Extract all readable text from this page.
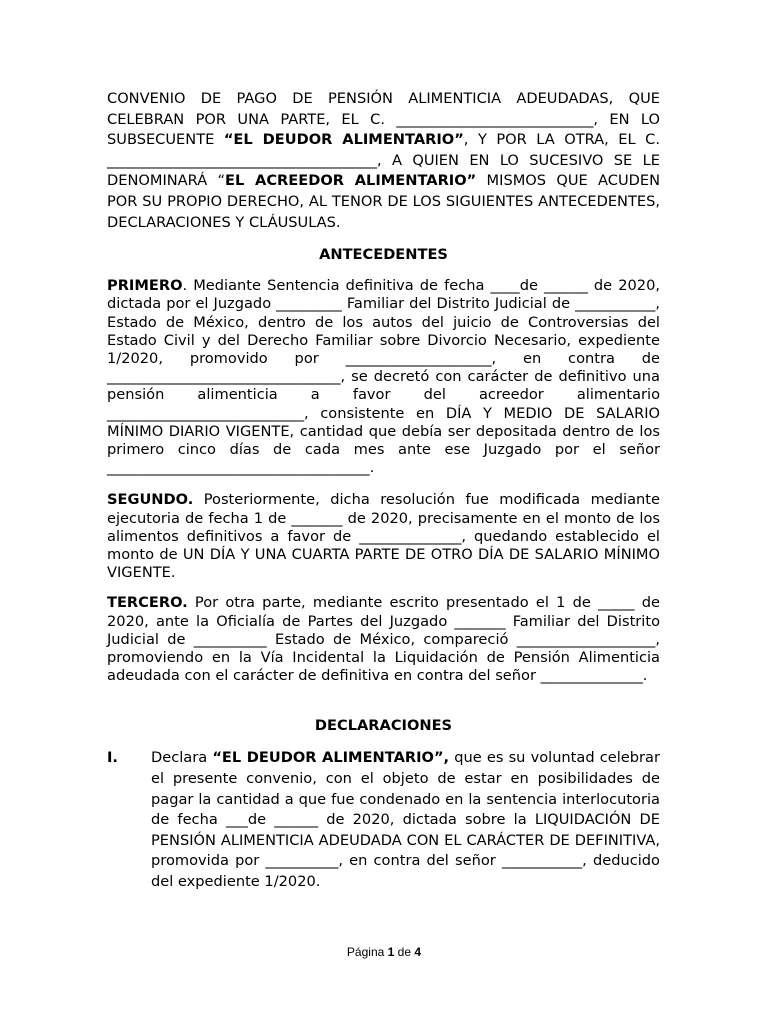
CONVENIO DE PAGO DE PENSIÓN ALIMENTICIA ADEUDADAS, QUE CELEBRAN POR UNA PARTE, EL C. ___________________________, EN LO SUBSECUENTE “EL DEUDOR ALIMENTARIO”, Y POR LA OTRA, EL C. _____________________________________, A QUIEN EN LO SUCESIVO SE LE DENOMINARÁ “EL ACREEDOR ALIMENTARIO” MISMOS QUE ACUDEN POR SU PROPIO DERECHO, AL TENOR DE LOS SIGUIENTES ANTECEDENTES, DECLARACIONES Y CLÁUSULAS.

ANTECEDENTES

PRIMERO. Mediante Sentencia definitiva de fecha ____de ______ de 2020, dictada por el Juzgado _________ Familiar del Distrito Judicial de ___________, Estado de México, dentro de los autos del juicio de Controversias del Estado Civil y del Derecho Familiar sobre Divorcio Necesario, expediente 1/2020, promovido por ____________________, en contra de ________________________________, se decretó con carácter de definitivo una pensión alimenticia a favor del acreedor alimentario ___________________________, consistente en DÍA Y MEDIO DE SALARIO MÍNIMO DIARIO VIGENTE, cantidad que debía ser depositada dentro de los primero cinco días de cada mes ante ese Juzgado por el señor ____________________________________.

SEGUNDO. Posteriormente, dicha resolución fue modificada mediante ejecutoria de fecha 1 de _______ de 2020, precisamente en el monto de los alimentos definitivos a favor de ______________, quedando establecido el monto de UN DÍA Y UNA CUARTA PARTE DE OTRO DÍA DE SALARIO MÍNIMO VIGENTE.

TERCERO. Por otra parte, mediante escrito presentado el 1 de _____ de 2020, ante la Oficialía de Partes del Juzgado _______ Familiar del Distrito Judicial de __________ Estado de México, compareció ___________________, promoviendo en la Vía Incidental la Liquidación de Pensión Alimenticia adeudada con el carácter de definitiva en contra del señor ______________.

DECLARACIONES
I.	Declara “EL DEUDOR ALIMENTARIO”, que es su voluntad celebrar el presente convenio, con el objeto de estar en posibilidades de pagar la cantidad a que fue condenado en la sentencia interlocutoria de fecha ___de ______ de 2020, dictada sobre la LIQUIDACIÓN DE PENSIÓN ALIMENTICIA ADEUDADA CON EL CARÁCTER DE DEFINITIVA, promovida por __________, en contra del señor ___________, deducido del expediente 1/2020.
Página 1 de 4
